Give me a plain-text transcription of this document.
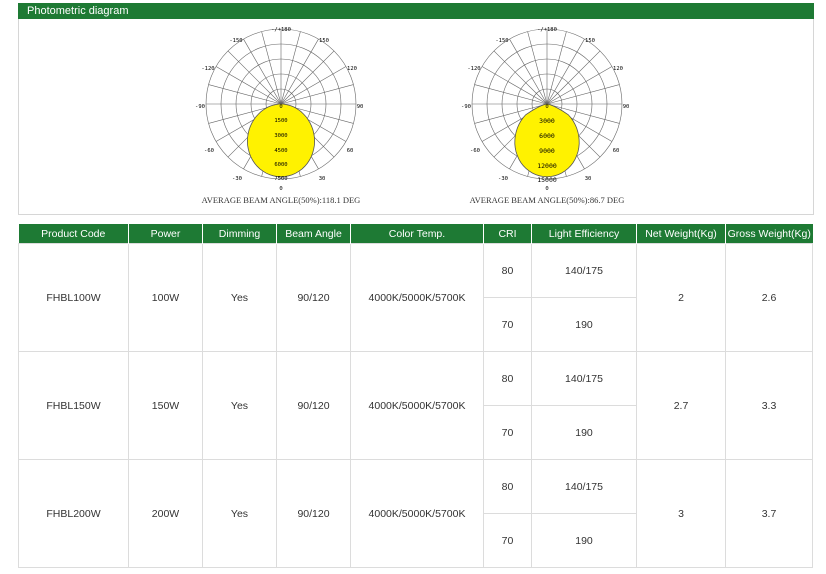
Photometric diagram
1500
3000
4500
6000
7500
0
-/+180
-150	150
-120	120
-90	90
-60	60
-30	30
0
AVERAGE BEAM ANGLE(50%):118.1 DEG
3000
6000
9000
12000
15000
0
-/+180
-150	150
-120	120
-90	90
-60	60
-30	30
0
AVERAGE BEAM ANGLE(50%):86.7 DEG
Product Code	Power	Dimming	Beam Angle	Color Temp.	CRI	Light Efficiency	Net Weight(Kg)	Gross Weight(Kg)
FHBL100W	100W	Yes	90/120	4000K/5000K/5700K	80	140/175	2	2.6
					70	190		
FHBL150W	150W	Yes	90/120	4000K/5000K/5700K	80	140/175	2.7	3.3
					70	190		
FHBL200W	200W	Yes	90/120	4000K/5000K/5700K	80	140/175	3	3.7
					70	190		
